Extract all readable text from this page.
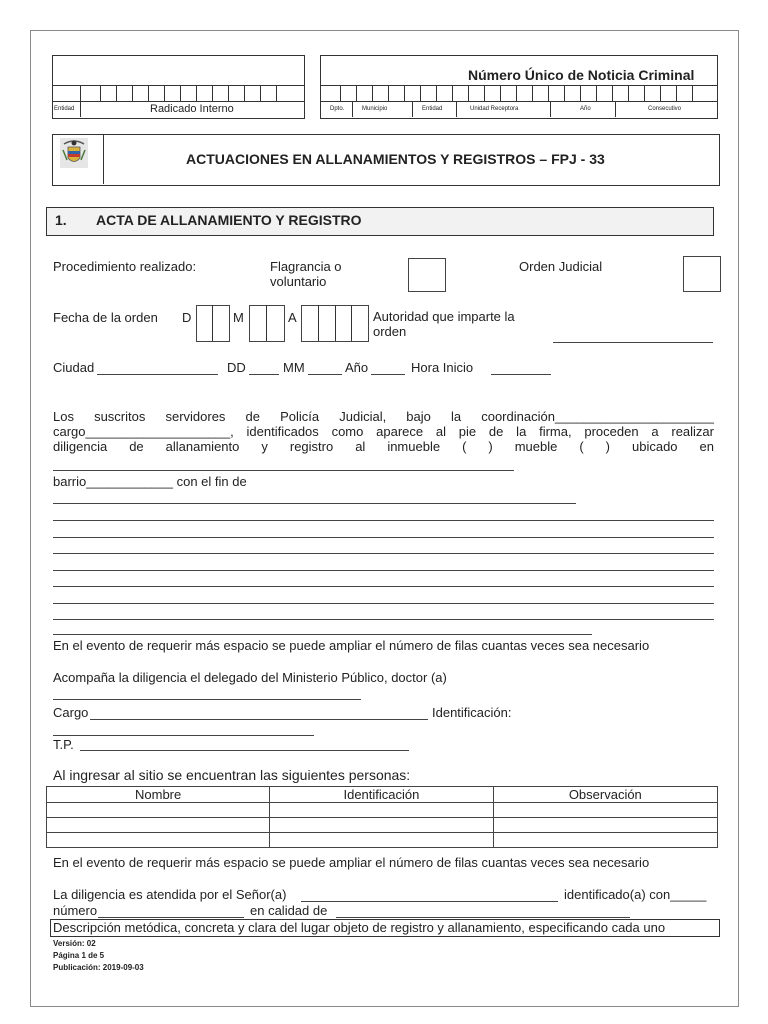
Entidad	Radicado Interno
Número Único de Noticia Criminal
Dpto.	Municipio	Entidad	Unidad Receptora	Año	Consecutivo
ACTUACIONES EN ALLANAMIENTOS Y REGISTROS – FPJ - 33
1. ACTA DE ALLANAMIENTO Y REGISTRO
Procedimiento realizado:	Flagrancia o voluntario
Orden Judicial
Fecha de la orden D	M	A	Autoridad que imparte la orden
Ciudad	DD	MM	Año	Hora Inicio
Los suscritos servidores de Policía Judicial, bajo la coordinación______________________
cargo____________________, identificados como aparece al pie de la firma, proceden a realizar
diligencia de allanamiento y registro al inmueble ( ) mueble ( ) ubicado en
barrio____________ con el fin de
En el evento de requerir más espacio se puede ampliar el número de filas cuantas veces sea necesario
Acompaña la diligencia el delegado del Ministerio Público, doctor (a)
Cargo	Identificación:
T.P.
Al ingresar al sitio se encuentran las siguientes personas:
Nombre	Identificación	Observación

En el evento de requerir más espacio se puede ampliar el número de filas cuantas veces sea necesario
La diligencia es atendida por el Señor(a)	identificado(a) con_____
número	en calidad de
Descripción metódica, concreta y clara del lugar objeto de registro y allanamiento, especificando cada uno
Versión: 02
Página 1 de 5
Publicación: 2019-09-03
